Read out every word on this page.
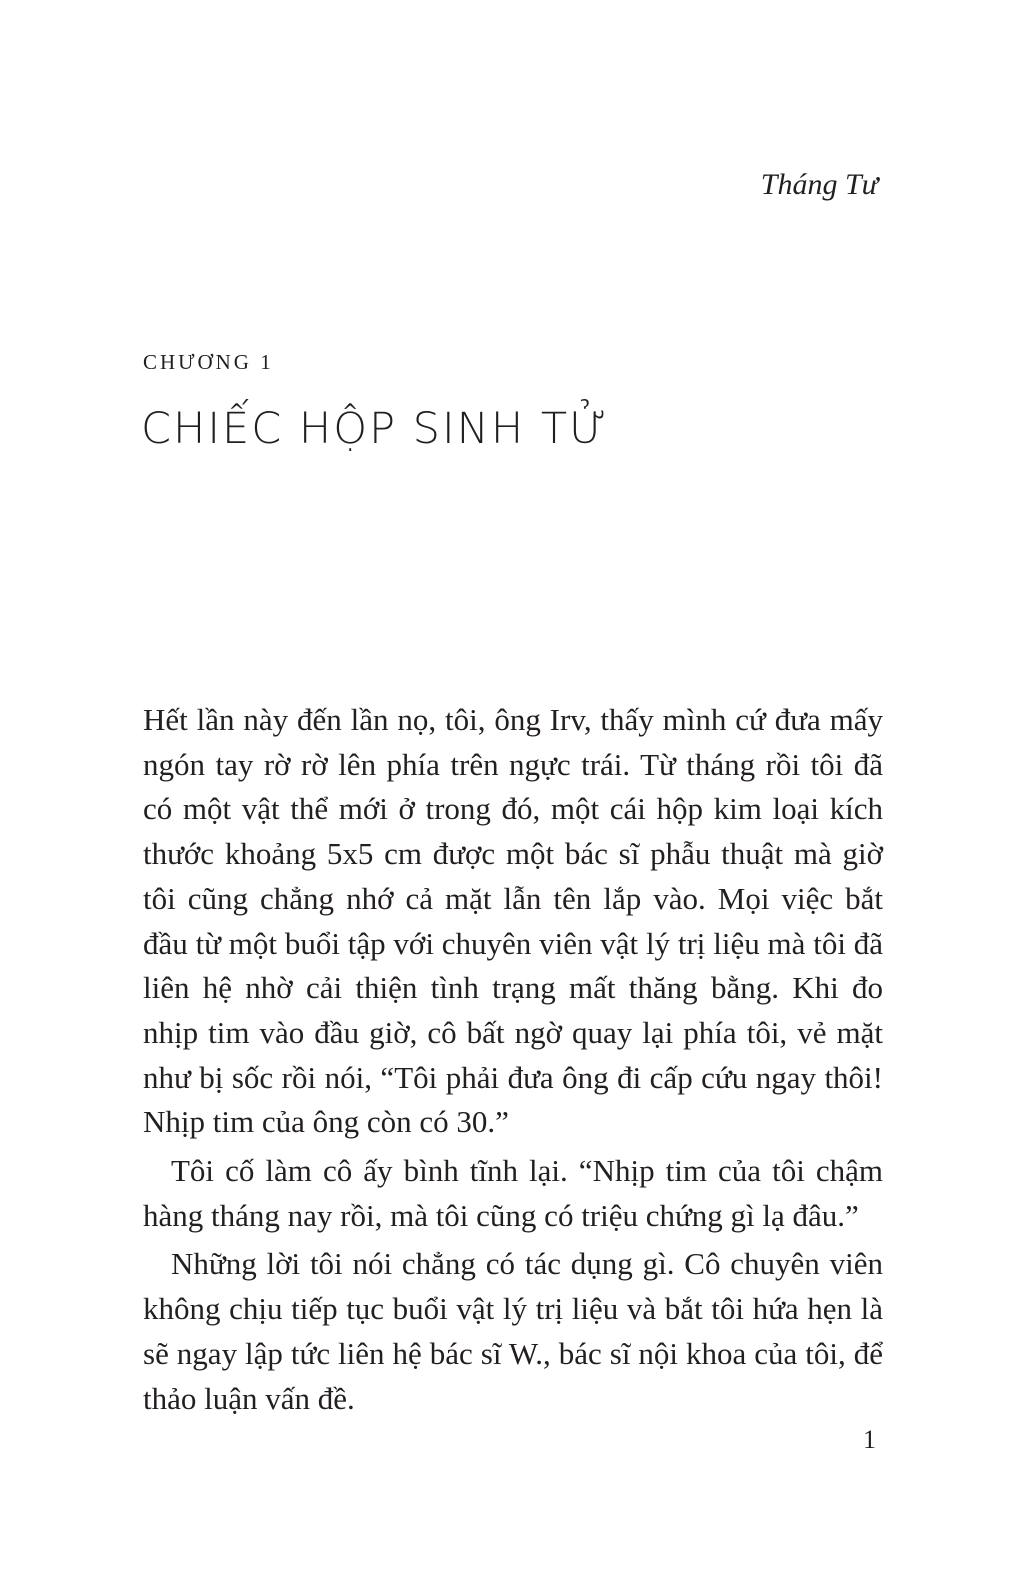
Tháng Tư
CHƯƠNG 1
CHIẾC HỘP SINH TỬ

Hết lần này đến lần nọ, tôi, ông Irv, thấy mình cứ đưa mấy ngón tay rờ rờ lên phía trên ngực trái. Từ tháng rồi tôi đã có một vật thể mới ở trong đó, một cái hộp kim loại kích thước khoảng 5x5 cm được một bác sĩ phẫu thuật mà giờ tôi cũng chẳng nhớ cả mặt lẫn tên lắp vào. Mọi việc bắt đầu từ một buổi tập với chuyên viên vật lý trị liệu mà tôi đã liên hệ nhờ cải thiện tình trạng mất thăng bằng. Khi đo nhịp tim vào đầu giờ, cô bất ngờ quay lại phía tôi, vẻ mặt như bị sốc rồi nói, “Tôi phải đưa ông đi cấp cứu ngay thôi! Nhịp tim của ông còn có 30.”

Tôi cố làm cô ấy bình tĩnh lại. “Nhịp tim của tôi chậm hàng tháng nay rồi, mà tôi cũng có triệu chứng gì lạ đâu.”

Những lời tôi nói chẳng có tác dụng gì. Cô chuyên viên không chịu tiếp tục buổi vật lý trị liệu và bắt tôi hứa hẹn là sẽ ngay lập tức liên hệ bác sĩ W., bác sĩ nội khoa của tôi, để thảo luận vấn đề.

1
